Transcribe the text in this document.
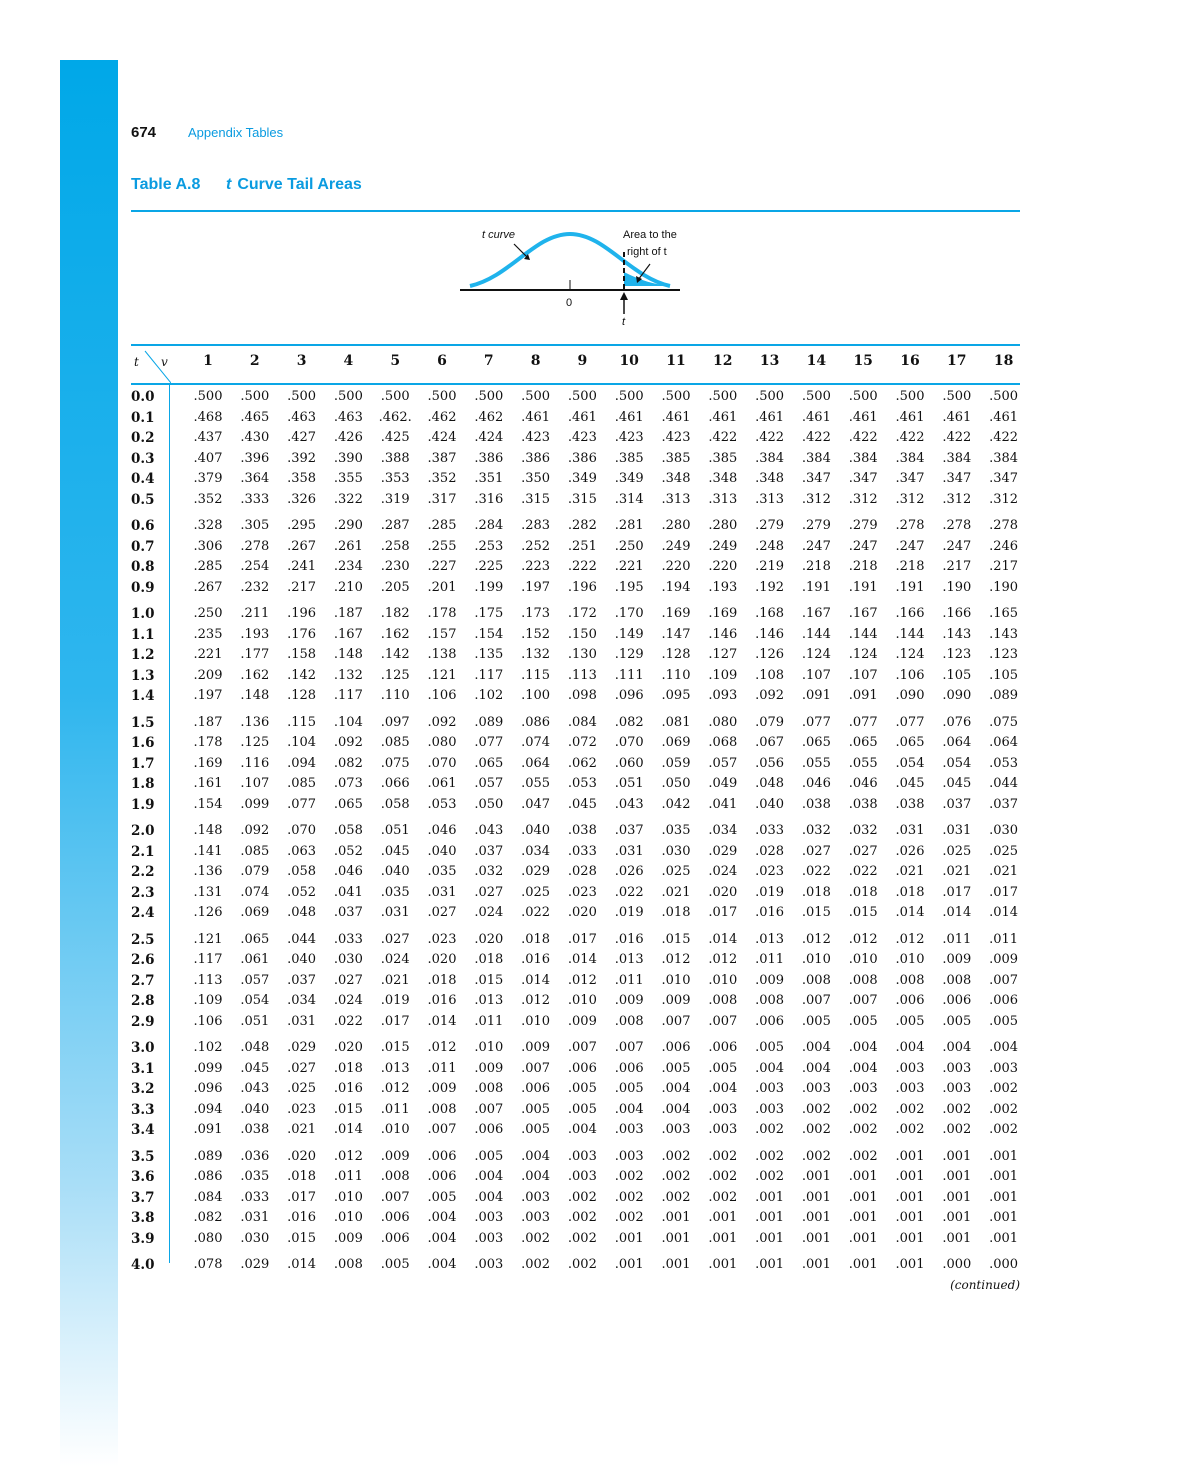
674	Appendix Tables
Table A.8	t Curve Tail Areas
t curve	Area to the
right of t
0
t
t v	1	2	3	4	5	6	7	8	9	10	11	12	13	14	15	16	17	18
0.0	.500	.500	.500	.500	.500	.500	.500	.500	.500	.500	.500	.500	.500	.500	.500	.500	.500	.500
0.1	.468	.465	.463	.463	.462.	.462	.462	.461	.461	.461	.461	.461	.461	.461	.461	.461	.461	.461
0.2	.437	.430	.427	.426	.425	.424	.424	.423	.423	.423	.423	.422	.422	.422	.422	.422	.422	.422
0.3	.407	.396	.392	.390	.388	.387	.386	.386	.386	.385	.385	.385	.384	.384	.384	.384	.384	.384
0.4	.379	.364	.358	.355	.353	.352	.351	.350	.349	.349	.348	.348	.348	.347	.347	.347	.347	.347
0.5	.352	.333	.326	.322	.319	.317	.316	.315	.315	.314	.313	.313	.313	.312	.312	.312	.312	.312
0.6	.328	.305	.295	.290	.287	.285	.284	.283	.282	.281	.280	.280	.279	.279	.279	.278	.278	.278
0.7	.306	.278	.267	.261	.258	.255	.253	.252	.251	.250	.249	.249	.248	.247	.247	.247	.247	.246
0.8	.285	.254	.241	.234	.230	.227	.225	.223	.222	.221	.220	.220	.219	.218	.218	.218	.217	.217
0.9	.267	.232	.217	.210	.205	.201	.199	.197	.196	.195	.194	.193	.192	.191	.191	.191	.190	.190
1.0	.250	.211	.196	.187	.182	.178	.175	.173	.172	.170	.169	.169	.168	.167	.167	.166	.166	.165
1.1	.235	.193	.176	.167	.162	.157	.154	.152	.150	.149	.147	.146	.146	.144	.144	.144	.143	.143
1.2	.221	.177	.158	.148	.142	.138	.135	.132	.130	.129	.128	.127	.126	.124	.124	.124	.123	.123
1.3	.209	.162	.142	.132	.125	.121	.117	.115	.113	.111	.110	.109	.108	.107	.107	.106	.105	.105
1.4	.197	.148	.128	.117	.110	.106	.102	.100	.098	.096	.095	.093	.092	.091	.091	.090	.090	.089
1.5	.187	.136	.115	.104	.097	.092	.089	.086	.084	.082	.081	.080	.079	.077	.077	.077	.076	.075
1.6	.178	.125	.104	.092	.085	.080	.077	.074	.072	.070	.069	.068	.067	.065	.065	.065	.064	.064
1.7	.169	.116	.094	.082	.075	.070	.065	.064	.062	.060	.059	.057	.056	.055	.055	.054	.054	.053
1.8	.161	.107	.085	.073	.066	.061	.057	.055	.053	.051	.050	.049	.048	.046	.046	.045	.045	.044
1.9	.154	.099	.077	.065	.058	.053	.050	.047	.045	.043	.042	.041	.040	.038	.038	.038	.037	.037
2.0	.148	.092	.070	.058	.051	.046	.043	.040	.038	.037	.035	.034	.033	.032	.032	.031	.031	.030
2.1	.141	.085	.063	.052	.045	.040	.037	.034	.033	.031	.030	.029	.028	.027	.027	.026	.025	.025
2.2	.136	.079	.058	.046	.040	.035	.032	.029	.028	.026	.025	.024	.023	.022	.022	.021	.021	.021
2.3	.131	.074	.052	.041	.035	.031	.027	.025	.023	.022	.021	.020	.019	.018	.018	.018	.017	.017
2.4	.126	.069	.048	.037	.031	.027	.024	.022	.020	.019	.018	.017	.016	.015	.015	.014	.014	.014
2.5	.121	.065	.044	.033	.027	.023	.020	.018	.017	.016	.015	.014	.013	.012	.012	.012	.011	.011
2.6	.117	.061	.040	.030	.024	.020	.018	.016	.014	.013	.012	.012	.011	.010	.010	.010	.009	.009
2.7	.113	.057	.037	.027	.021	.018	.015	.014	.012	.011	.010	.010	.009	.008	.008	.008	.008	.007
2.8	.109	.054	.034	.024	.019	.016	.013	.012	.010	.009	.009	.008	.008	.007	.007	.006	.006	.006
2.9	.106	.051	.031	.022	.017	.014	.011	.010	.009	.008	.007	.007	.006	.005	.005	.005	.005	.005
3.0	.102	.048	.029	.020	.015	.012	.010	.009	.007	.007	.006	.006	.005	.004	.004	.004	.004	.004
3.1	.099	.045	.027	.018	.013	.011	.009	.007	.006	.006	.005	.005	.004	.004	.004	.003	.003	.003
3.2	.096	.043	.025	.016	.012	.009	.008	.006	.005	.005	.004	.004	.003	.003	.003	.003	.003	.002
3.3	.094	.040	.023	.015	.011	.008	.007	.005	.005	.004	.004	.003	.003	.002	.002	.002	.002	.002
3.4	.091	.038	.021	.014	.010	.007	.006	.005	.004	.003	.003	.003	.002	.002	.002	.002	.002	.002
3.5	.089	.036	.020	.012	.009	.006	.005	.004	.003	.003	.002	.002	.002	.002	.002	.001	.001	.001
3.6	.086	.035	.018	.011	.008	.006	.004	.004	.003	.002	.002	.002	.002	.001	.001	.001	.001	.001
3.7	.084	.033	.017	.010	.007	.005	.004	.003	.002	.002	.002	.002	.001	.001	.001	.001	.001	.001
3.8	.082	.031	.016	.010	.006	.004	.003	.003	.002	.002	.001	.001	.001	.001	.001	.001	.001	.001
3.9	.080	.030	.015	.009	.006	.004	.003	.002	.002	.001	.001	.001	.001	.001	.001	.001	.001	.001
4.0	.078	.029	.014	.008	.005	.004	.003	.002	.002	.001	.001	.001	.001	.001	.001	.001	.000	.000
(continued)
